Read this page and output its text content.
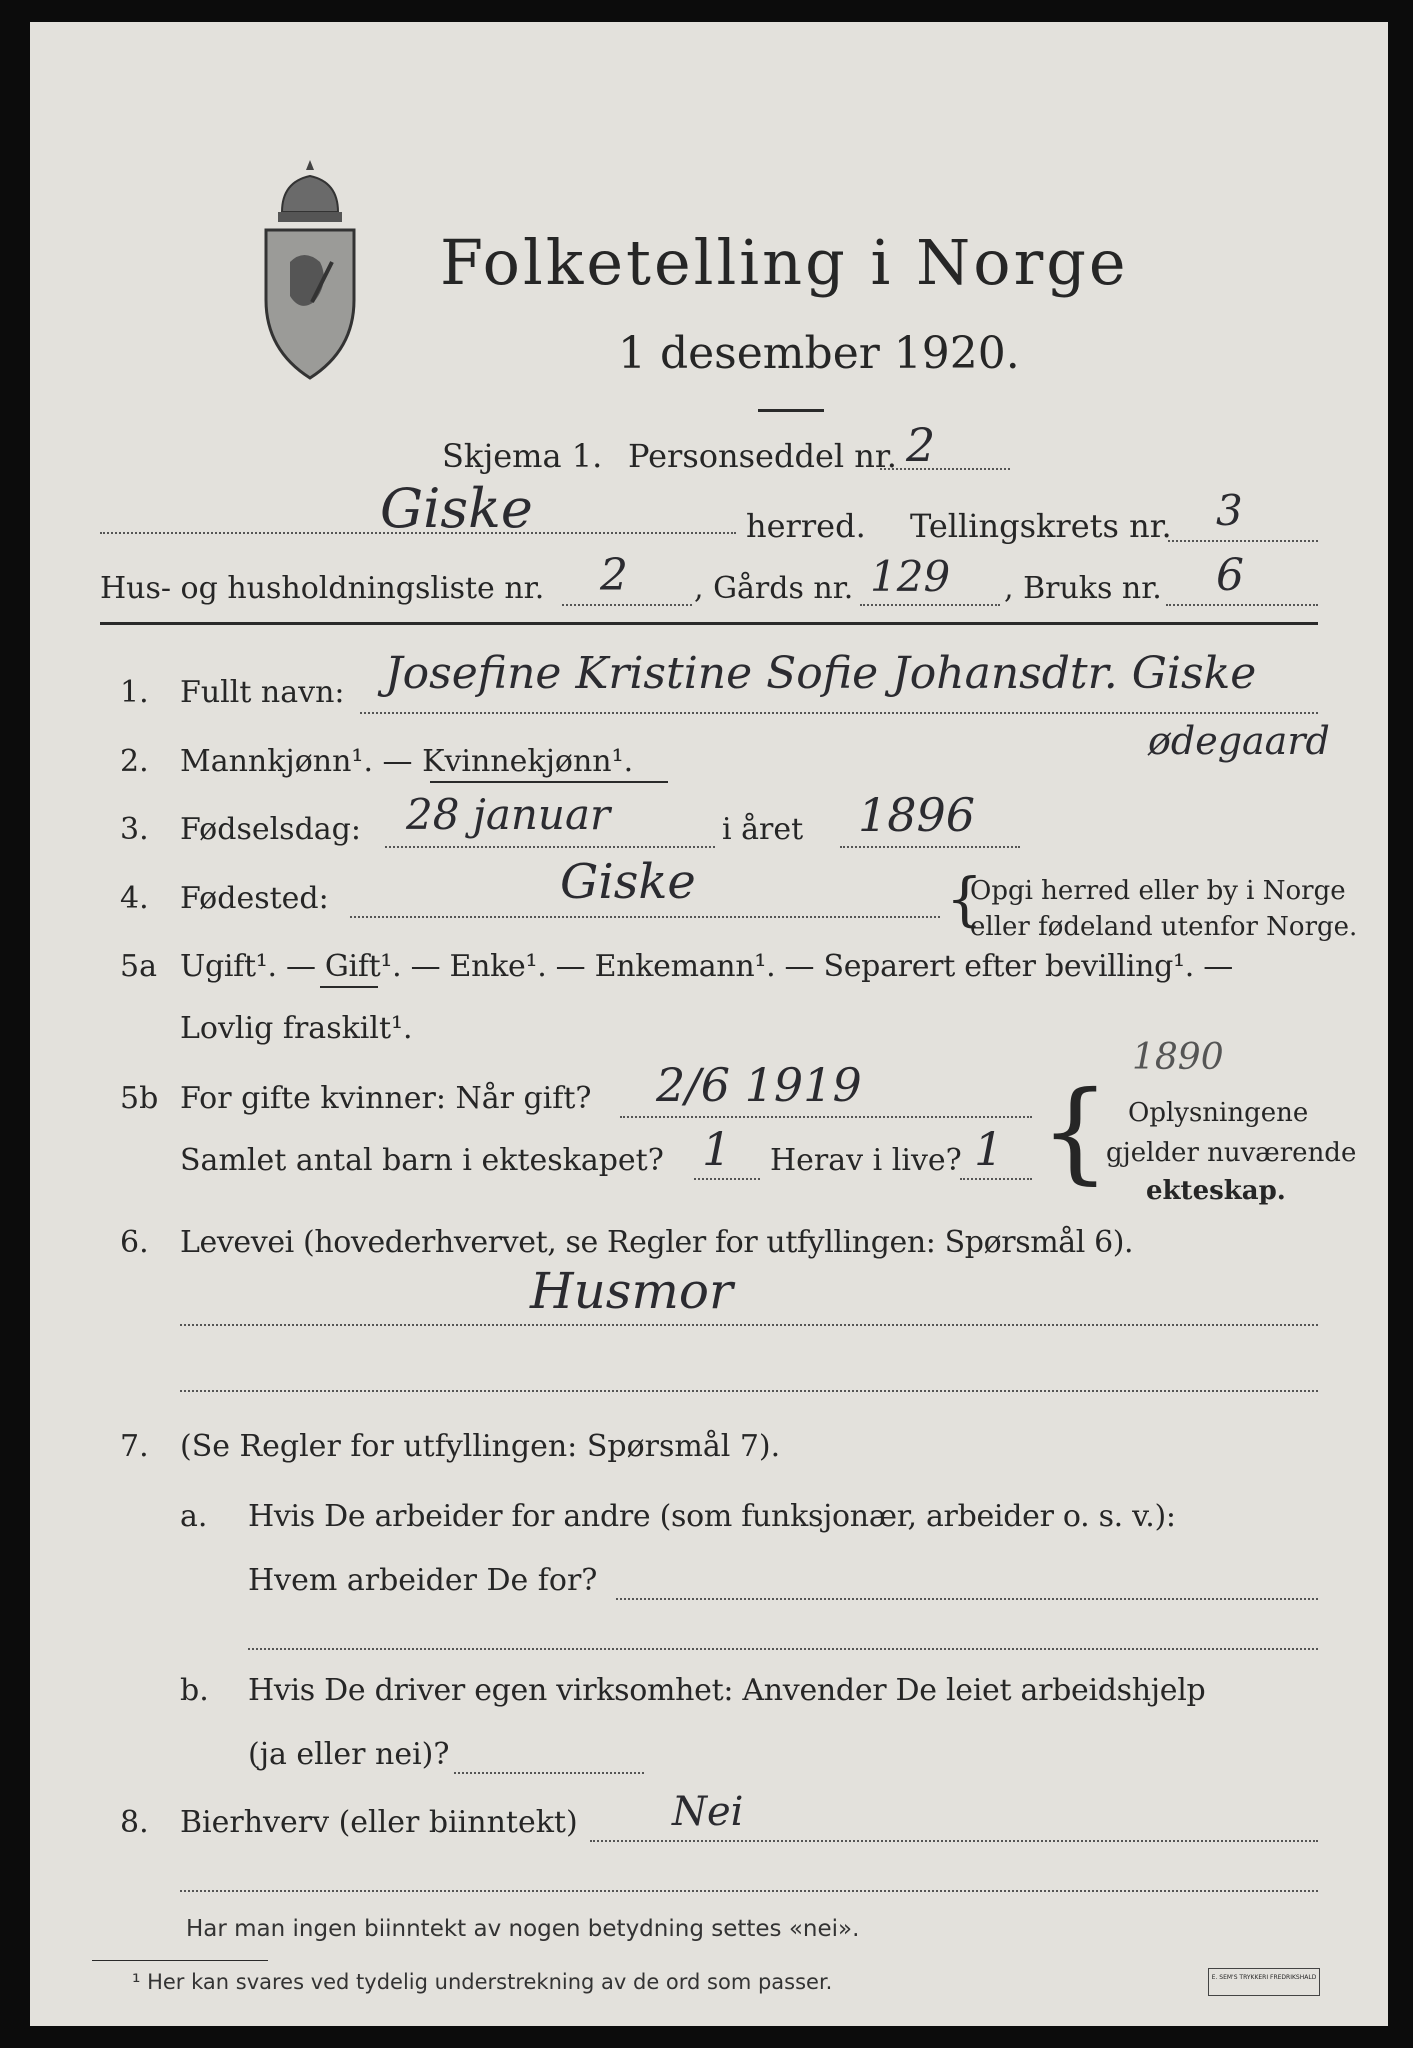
Folketelling i Norge
1 desember 1920.
Skjema 1. Personseddel nr. 2
Giske	herred. Tellingskrets nr. 3
Hus- og husholdningsliste nr. 2 , Gårds nr. 129 , Bruks nr. 6
1. Fullt navn: Josefine Kristine Sofie Johansdtr. Giske
ødegaard
2. Mannkjønn¹. — Kvinnekjønn¹.
3. Fødselsdag: 28 januar	i året 1896
4. Fødested:	Giske	{
Opgi herred eller by i Norge
eller fødeland utenfor Norge.
5a Ugift¹. — Gift¹. — Enke¹. — Enkemann¹. — Separert efter bevilling¹. —
Lovlig fraskilt¹.
5b For gifte kvinner: Når gift? 2/6 1919
1890
Samlet antal barn i ekteskapet? 1 Herav i live? 1 { Oplysningene
gjelder nuværende
ekteskap.
6. Levevei (hovederhvervet, se Regler for utfyllingen: Spørsmål 6).
Husmor
7. (Se Regler for utfyllingen: Spørsmål 7).
a. Hvis De arbeider for andre (som funksjonær, arbeider o. s. v.):
Hvem arbeider De for?
b. Hvis De driver egen virksomhet: Anvender De leiet arbeidshjelp
(ja eller nei)?
8. Bierhverv (eller biinntekt) Nei
Har man ingen biinntekt av nogen betydning settes «nei».
¹ Her kan svares ved tydelig understrekning av de ord som passer.	E. SEM'S TRYKKERI FREDRIKSHALD
